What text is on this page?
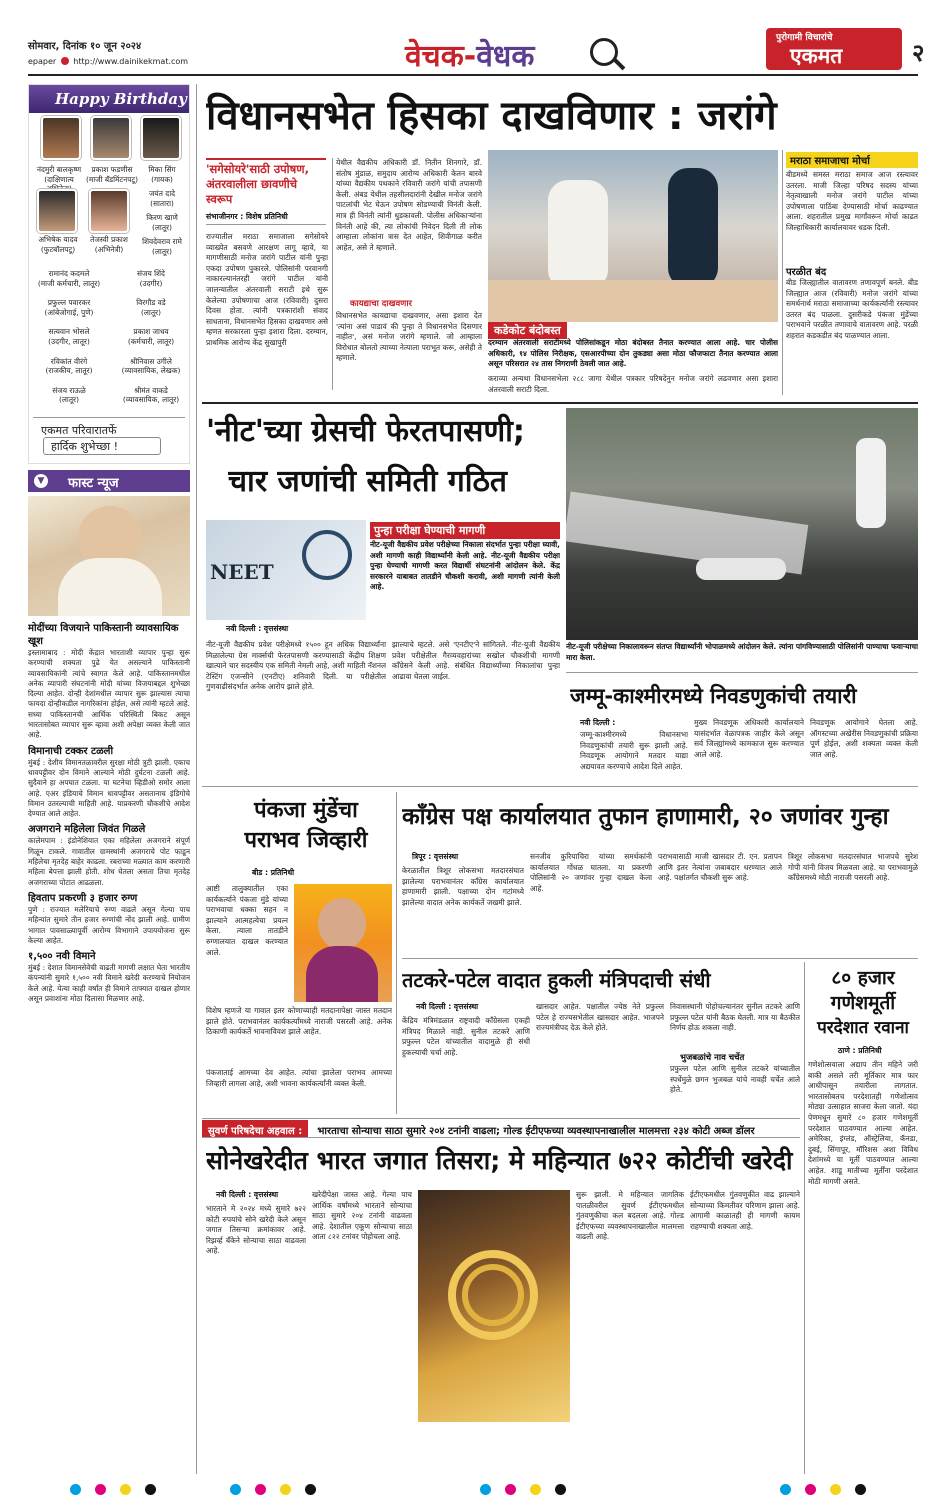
सोमवार, दिनांक १० जून २०२४
epaper http://www.dainikekmat.com	वेचक-वेधक
पुरोगामी विचारांचे
एकमत	२
Happy Birthday
नंदमुरी बालकृष्ण
(दाक्षिणात्य
प्रकाश फडणीस
(माजी बॅडमिंटनपटू)
मिका सिंग
(गायक)
जयंत दादे
(सातारा)
अभिषेक यादव
(फुटबॉलपटू)
तेजस्वी प्रकाश
(अभिनेत्री)
किरण खाणे
(लातूर)
शिवदेवराव रामे
(लातूर)
रामानंद कदमले
(माजी कर्मचारी, लातूर)
संजय शिंदे
(उदगीर)
प्रफुल्ल पवारकर
(आंबेजोगाई, पुणे)
विरगौड वडे
(लातूर)
सत्यवान भोसले
(उदगीर, लातूर)
प्रकाश जाधव
(कर्मचारी, लातूर)
रविकांत वीरंगे
(राजकीय, लातूर)
श्रीनिवास उगीले
(व्यावसायिक, लेखक)
संजय राऊळे
(लातूर)
श्रीमंत वाकडे
(व्यावसायिक, लातूर)
एकमत परिवारातर्फे
हार्दिक शुभेच्छा !
▼ फास्ट न्यूज
मोदींच्या विजयाने पाकिस्तानी व्यावसायिक खूश
इस्लामाबाद : मोदी केंद्रात भारताशी व्यापार पुन्हा सुरू करण्याची शक्यता पुढे येत असल्याने पाकिस्तानी व्यावसायिकांनी त्यांचे स्वागत केले आहे. पाकिस्तानमधील अनेक व्यापारी संघटनांनी मोदी यांच्या विजयाबद्दल शुभेच्छा दिल्या आहेत. दोन्ही देशांमधील व्यापार सुरू झाल्यास त्याचा फायदा दोन्हीकडील नागरिकांना होईल, असे त्यांनी म्हटले आहे. सध्या पाकिस्तानची आर्थिक परिस्थिती बिकट असून भारतासोबत व्यापार सुरू व्हावा अशी अपेक्षा व्यक्त केली जात आहे.
विमानाची टक्कर टळली
मुंबई : देशीय विमानतळावरील सुरक्षा मोठी त्रुटी झाली. एकाच धावपट्टीवर दोन विमाने आल्याने मोठी दुर्घटना टळली आहे. सुदैवाने हा अपघात टळला. या घटनेचा व्हिडीओ समोर आला आहे. एअर इंडियाचे विमान धावपट्टीवर असतानाच इंडिगोचे विमान उतरल्याची माहिती आहे. याप्रकरणी चौकशीचे आदेश देण्यात आले आहेत.
अजगराने महिलेला जिवंत गिळले
कालेमपाम : इंडोनेशियात एका महिलेला अजगराने संपूर्ण गिळून टाकले. गावातील ग्रामस्थांनी अजगराचे पोट फाडून महिलेचा मृतदेह बाहेर काढला. रबराच्या मळ्यात काम करणारी महिला बेपत्ता झाली होती. शोध घेतला असता तिचा मृतदेह अजगराच्या पोटात आढळला.
हिवताप प्रकरणी ३ हजार रुग्ण
पुणे : राज्यात मलेरियाचे रुग्ण वाढले असून गेल्या पाच महिन्यांत सुमारे तीन हजार रुग्णांची नोंद झाली आहे. ग्रामीण भागात पावसाळ्यापूर्वी आरोग्य विभागाने उपाययोजना सुरू केल्या आहेत.
१,५०० नवी विमाने
मुंबई : देशात विमानसेवेची वाढती मागणी लक्षात घेता भारतीय कंपन्यांनी सुमारे १,५०० नवी विमाने खरेदी करण्याचे नियोजन केले आहे. येत्या काही वर्षांत ही विमाने ताफ्यात दाखल होणार असून प्रवाशांना मोठा दिलासा मिळणार आहे.
विधानसभेत हिसका दाखविणार : जरांगे
'सगेसोयरे'साठी उपोषण, अंतरवालीला छावणीचे स्वरूप
संभाजीनगर : विशेष प्रतिनिधी
राज्यातील मराठा समाजाला सगेसोयरे व्याख्येत बसवणे आरक्षण लागू व्हावे, या मागणीसाठी मनोज जरांगे पाटील यांनी पुन्हा एकदा उपोषण पुकारले. पोलिसांनी परवानगी नाकारल्यानंतरही जरांगे पाटील यांनी जालन्यातील अंतरवाली सराटी इथे सुरू केलेल्या उपोषणाचा आज (रविवारी) दुसरा दिवस होता. त्यांनी पत्रकारांशी संवाद साधताना, विधानसभेत हिसका दाखवणार असे म्हणत सरकारला पुन्हा इशारा दिला. दरम्यान, प्राथमिक आरोग्य केंद्र सुखापुरी
येथील वैद्यकीय अधिकारी डॉ. नितीन शिनगारे, डॉ. संतोष मुंडाळ, समुदाय आरोग्य अधिकारी केतन बारवे यांच्या वैद्यकीय पथकाने रविवारी जरांगे यांची तपासणी केली. अंबड येथील तहसीलदारांनी देखील मनोज जरांगे पाटलांची भेट घेऊन उपोषण सोडण्याची विनंती केली. मात्र ही विनंती त्यांनी धुडकावली. पोलीस अधिकाऱ्यांना विनंती आहे की, त्या लोकांची निवेदन दिली ती लोक आम्हाला लोकांना त्रास देत आहेत, शिवीगाळ करीत आहेत, असे ते म्हणाले.
कायद्याचा दाखवणार
विधानसभेत कायद्याचा दाखवणार, असा इशारा देत 'त्यांना असं पाडावं की पुन्हा ते विधानसभेत दिसणार नाहीत', असं मनोज जरांगे म्हणाले. जो आम्हाला विरोधात बोलतो त्याच्या नेत्याला पराभूत करू, असेही ते म्हणाले.
कडेकोट बंदोबस्त
दरम्यान अंतरवाली सराटीमध्ये पोलिसांकडून मोठा बंदोबस्त तैनात करण्यात आला आहे. चार पोलीस अधिकारी, १४ पोलिस निरीक्षक, एसआरपीच्या दोन तुकड्या असा मोठा फौजफाटा तैनात करण्यात आला असून परिसरात २४ तास निगराणी ठेवली जात आहे.
कराव्या अन्यथा विधानसभेला २८८ जागा येथील पत्रकार परिषदेनुन मनोज जरांगे लढवणार असा इशारा अंतरवाली सराटी दिला.
मराठा समाजाचा मोर्चा
बीडमध्ये समस्त मराठा समाज आज रस्त्यावर उतरला. माजी जिल्हा परिषद सदस्य यांच्या नेतृत्वाखाली मनोज जरांगे पाटील यांच्या उपोषणाला पाठिंबा देण्यासाठी मोर्चा काढण्यात आला. शहरातील प्रमुख मार्गांवरून मोर्चा काढत जिल्हाधिकारी कार्यालयावर धडक दिली.
परळीत बंद
बीड जिल्ह्यातील वातावरण तणावपूर्ण बनले. बीड जिल्ह्यात आज (रविवारी) मनोज जरांगे यांच्या समर्थनार्थ मराठा समाजाच्या कार्यकर्त्यांनी रस्त्यावर उतरत बंद पाळला. दुसरीकडे पंकजा मुंडेंच्या पराभवाने परळीत तणावाचे वातावरण आहे. परळी शहरात कडकडीत बंद पाळण्यात आला.
'नीट'च्या ग्रेसची फेरतपासणी;
चार जणांची समिती गठित
NEET
नवी दिल्ली : वृत्तसंस्था
पुन्हा परीक्षा घेण्याची मागणी
नीट-यूजी वैद्यकीय प्रवेश परीक्षेच्या निकाला संदर्भात पुन्हा परीक्षा घ्यावी, अशी मागणी काही विद्यार्थ्यांनी केली आहे. नीट-यूजी वैद्यकीय परीक्षा पुन्हा घेण्याची मागणी करत विद्यार्थी संघटनांनी आंदोलन केले. केंद्र सरकारने याबाबत तातडीने चौकशी करावी, अशी मागणी त्यांनी केली आहे.
नीट-यूजी वैद्यकीय प्रवेश परीक्षेमध्ये १५०० हून अधिक विद्यार्थ्यांना मिळालेल्या ग्रेस मार्क्सची फेरतपासणी करण्यासाठी केंद्रीय शिक्षण खात्याने चार सदस्यीय एक समिती नेमली आहे, अशी माहिती नॅशनल टेस्टिंग एजन्सीने (एनटीए) शनिवारी दिली. या परीक्षेतील गुणवाढीसंदर्भात अनेक आरोप झाले होते.
झाल्याचे म्हटले. असे 'एनटीए'ने सांगितले. नीट-यूजी वैद्यकीय प्रवेश परीक्षेतील गैरव्यवहारांच्या सखोल चौकशीची मागणी काँग्रेसने केली आहे. संबंधित विद्यार्थ्यांच्या निकालांचा पुन्हा आढावा घेतला जाईल.
नीट-यूजी परीक्षेच्या निकालावरून संतप्त विद्यार्थ्यांनी भोपाळमध्ये आंदोलन केले. त्यांना पांगविण्यासाठी पोलिसांनी पाण्याचा फवाऱ्याचा मारा केला.
जम्मू-काश्मीरमध्ये निवडणुकांची तयारी
नवी दिल्ली :
जम्मू-काश्मीरमध्ये विधानसभा निवडणुकांची तयारी सुरू झाली आहे. निवडणूक आयोगाने मतदार याद्या अद्ययावत करण्याचे आदेश दिले आहेत.
मुख्य निवडणूक अधिकारी कार्यालयाने यासंदर्भात वेळापत्रक जाहीर केले असून सर्व जिल्ह्यांमध्ये कामकाज सुरू करण्यात आले आहे.
निवडणूक आयोगाने घेतला आहे. ऑगस्टच्या अखेरीस निवडणुकांची प्रक्रिया पूर्ण होईल, अशी शक्यता व्यक्त केली जात आहे.
पंकजा मुंडेंचा
पराभव जिव्हारी
बीड : प्रतिनिधी
आष्टी तालुक्यातील एका कार्यकर्त्याने पंकजा मुंडे यांच्या पराभवाचा धक्का सहन न झाल्याने आत्महत्येचा प्रयत्न केला. त्याला तातडीने रुग्णालयात दाखल करण्यात आले.
विशेष म्हणजे या गावात इतर कोणाच्याही मतदानापेक्षा जास्त मतदान झाले होते. पराभवानंतर कार्यकर्त्यांमध्ये नाराजी पसरली आहे. अनेक ठिकाणी कार्यकर्ते भावनाविवश झाले आहेत.
पंकजाताई आमच्या देव आहेत. त्यांचा झालेला पराभव आमच्या जिव्हारी लागला आहे, अशी भावना कार्यकर्त्यांनी व्यक्त केली.
काँग्रेस पक्ष कार्यालयात तुफान हाणामारी, २० जणांवर गुन्हा
त्रिपूर : वृत्तसंस्था
केरळातील त्रिशूर लोकसभा मतदारसंघात झालेल्या पराभवानंतर काँग्रेस कार्यालयात हाणामारी झाली. पक्षाच्या दोन गटांमध्ये झालेल्या वादात अनेक कार्यकर्ते जखमी झाले.
सनजीव कुरियाचिरा यांच्या समर्थकांनी कार्यालयात गोंधळ घातला. या प्रकरणी पोलिसांनी २० जणांवर गुन्हा दाखल केला आहे.
पराभवासाठी माजी खासदार टी. एन. प्रतापन आणि इतर नेत्यांना जबाबदार धरण्यात आले आहे. पक्षांतर्गत चौकशी सुरू आहे.
त्रिशूर लोकसभा मतदारसंघात भाजपचे सुरेश गोपी यांनी विजय मिळवला आहे. या पराभवामुळे काँग्रेसमध्ये मोठी नाराजी पसरली आहे.
तटकरे-पटेल वादात हुकली मंत्रिपदाची संधी
नवी दिल्ली : वृत्तसंस्था
केंद्रिय मंत्रिमंडळात राष्ट्रवादी काँग्रेसला एकही मंत्रिपद मिळाले नाही. सुनील तटकरे आणि प्रफुल्ल पटेल यांच्यातील वादामुळे ही संधी हुकल्याची चर्चा आहे.
खासदार आहेत. पक्षातील ज्येष्ठ नेते प्रफुल्ल पटेल हे राज्यसभेतील खासदार आहेत. भाजपने राज्यमंत्रीपद देऊ केले होते.
निवासस्थानी पोहोचल्यानंतर सुनील तटकरे आणि प्रफुल्ल पटेल यांनी बैठक घेतली. मात्र या बैठकीत निर्णय होऊ शकला नाही.
भुजबळांचे नाव चर्चेत
प्रफुल्ल पटेल आणि सुनील तटकरे यांच्यातील स्पर्धेमुळे छगन भुजबळ यांचे नावही चर्चेत आले होते.
८० हजार
गणेशमूर्ती
परदेशात रवाना
ठाणे : प्रतिनिधी
गणेशोत्सवाला अद्याप तीन महिने जरी बाकी असले तरी मूर्तिकार मात्र फार आधीपासून तयारीला लागतात. भारतासोबतच परदेशातही गणेशोत्सव मोठ्या उत्साहात साजरा केला जातो. यंदा पेणमधून सुमारे ८० हजार गणेशमूर्ती परदेशात पाठवण्यात आल्या आहेत. अमेरिका, इंग्लंड, ऑस्ट्रेलिया, कॅनडा, दुबई, सिंगापूर, मॉरिशस अशा विविध देशांमध्ये या मूर्ती पाठवण्यात आल्या आहेत. शाडू मातीच्या मूर्तींना परदेशात मोठी मागणी असते.
सुवर्ण परिषदेचा अहवाल : भारताचा सोन्याचा साठा सुमारे २०४ टनांनी वाढला; गोल्ड ईटीएफच्या व्यवस्थापनाखालील मालमत्ता २३४ कोटी अब्ज डॉलर
सोनेखरेदीत भारत जगात तिसरा; मे महिन्यात ७२२ कोटींची खरेदी
नवी दिल्ली : वृत्तसंस्था
भारताने मे २०२४ मध्ये सुमारे ७२२ कोटी रुपयांचे सोने खरेदी केले असून जगात तिसऱ्या क्रमांकावर आहे. रिझर्व्ह बँकेने सोन्याचा साठा वाढवला आहे.
खरेदीपेक्षा जास्त आहे. गेल्या पाच आर्थिक वर्षांमध्ये भारताने सोन्याचा साठा सुमारे २०४ टनांनी वाढवला आहे. देशातील एकूण सोन्याचा साठा आता ८२२ टनांवर पोहोचला आहे.
सुरू झाली. मे महिन्यात जागतिक पातळीवरील सुवर्ण ईटीएफमधील गुंतवणुकीचा कल बदलला आहे. गोल्ड ईटीएफच्या व्यवस्थापनाखालील मालमत्ता वाढली आहे.
ईटीएफमधील गुंतवणुकीत वाढ झाल्याने सोन्याच्या किमतीवर परिणाम झाला आहे. आगामी काळातही ही मागणी कायम राहण्याची शक्यता आहे.
